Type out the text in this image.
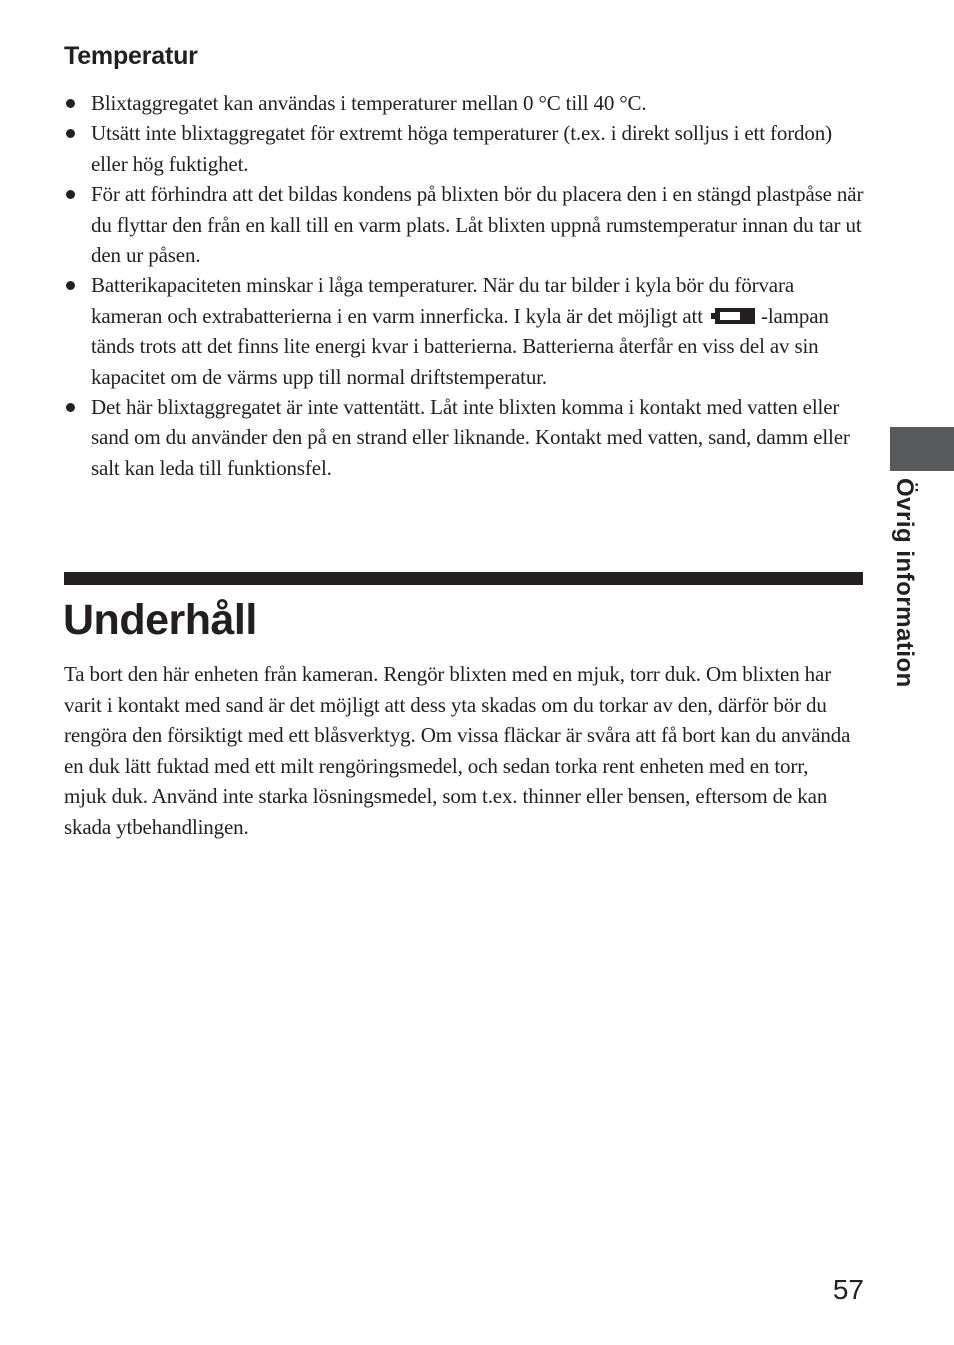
Temperatur
Blixtaggregatet kan användas i temperaturer mellan 0 °C till 40 °C.
Utsätt inte blixtaggregatet för extremt höga temperaturer (t.ex. i direkt solljus i ett fordon) eller hög fuktighet.
För att förhindra att det bildas kondens på blixten bör du placera den i en stängd plastpåse när du flyttar den från en kall till en varm plats. Låt blixten uppnå rumstemperatur innan du tar ut den ur påsen.
Batterikapaciteten minskar i låga temperaturer. När du tar bilder i kyla bör du förvara kameran och extrabatterierna i en varm innerficka. I kyla är det möjligt att	-lampan tänds trots att det finns lite energi kvar i batterierna. Batterierna återfår en viss del av sin kapacitet om de värms upp till normal driftstemperatur.
Det här blixtaggregatet är inte vattentätt. Låt inte blixten komma i kontakt med vatten eller sand om du använder den på en strand eller liknande. Kontakt med vatten, sand, damm eller salt kan leda till funktionsfel.
Underhåll

Ta bort den här enheten från kameran. Rengör blixten med en mjuk, torr duk. Om blixten har varit i kontakt med sand är det möjligt att dess yta skadas om du torkar av den, därför bör du rengöra den försiktigt med ett blåsverktyg. Om vissa fläckar är svåra att få bort kan du använda en duk lätt fuktad med ett milt rengöringsmedel, och sedan torka rent enheten med en torr, mjuk duk. Använd inte starka lösningsmedel, som t.ex. thinner eller bensen, eftersom de kan skada ytbehandlingen.

Övrig information
57
